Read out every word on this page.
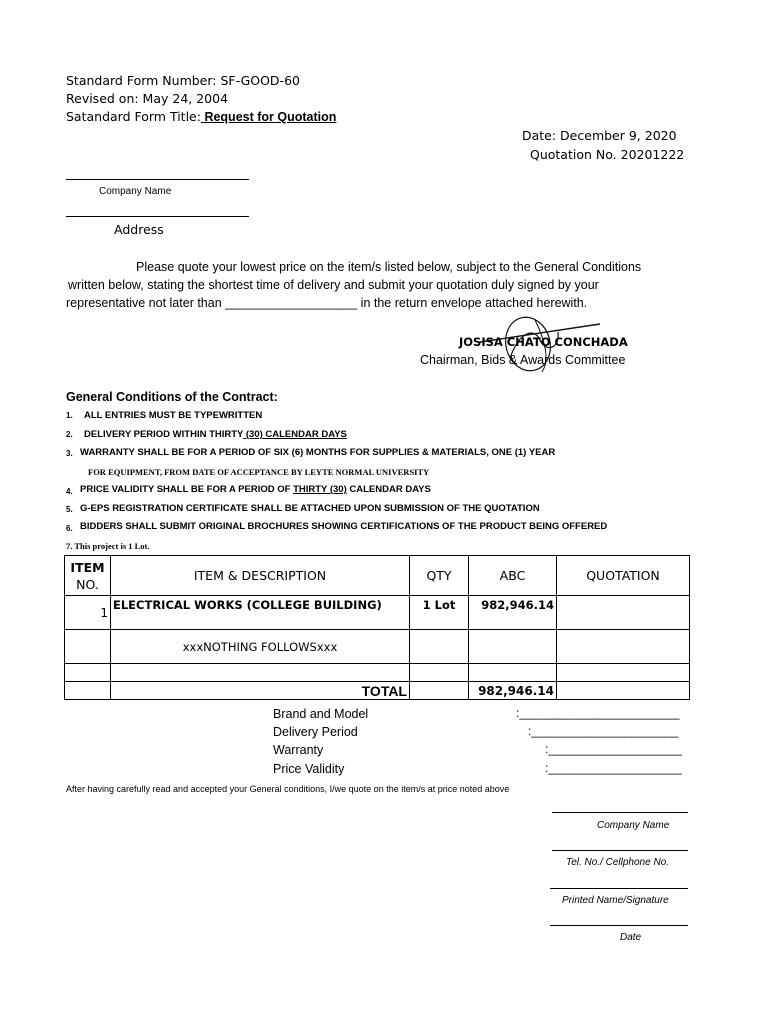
Standard Form Number: SF-GOOD-60
Revised on: May 24, 2004
Satandard Form Title: Request for Quotation
Date: December 9, 2020
Quotation No. 20201222
Company Name
Address
Please quote your lowest price on the item/s listed below, subject to the General Conditions
written below, stating the shortest time of delivery and submit your quotation duly signed by your
representative not later than ___________________ in the return envelope attached herewith.
JOSISA CHATO CONCHADA
Chairman, Bids & Awards Committee
General Conditions of the Contract:
1. ALL ENTRIES MUST BE TYPEWRITTEN
2. DELIVERY PERIOD WITHIN THIRTY (30) CALENDAR DAYS
3. WARRANTY SHALL BE FOR A PERIOD OF SIX (6) MONTHS FOR SUPPLIES & MATERIALS, ONE (1) YEAR
FOR EQUIPMENT, FROM DATE OF ACCEPTANCE BY LEYTE NORMAL UNIVERSITY
4. PRICE VALIDITY SHALL BE FOR A PERIOD OF THIRTY (30) CALENDAR DAYS
5. G-EPS REGISTRATION CERTIFICATE SHALL BE ATTACHED UPON SUBMISSION OF THE QUOTATION
6. BIDDERS SHALL SUBMIT ORIGINAL BROCHURES SHOWING CERTIFICATIONS OF THE PRODUCT BEING OFFERED
7. This project is 1 Lot.
ITEM
NO.	ITEM & DESCRIPTION	QTY	ABC	QUOTATION
1	ELECTRICAL WORKS (COLLEGE BUILDING)	1 Lot	982,946.14	
	xxxNOTHING FOLLOWSxxx			

	TOTAL		982,946.14	
Brand and Model	:________________________
Delivery Period	:______________________
Warranty	:____________________
Price Validity	:____________________
After having carefully read and accepted your General conditions, I/we quote on the item/s at price noted above
Company Name
Tel. No./ Cellphone No.
Printed Name/Signature
Date
